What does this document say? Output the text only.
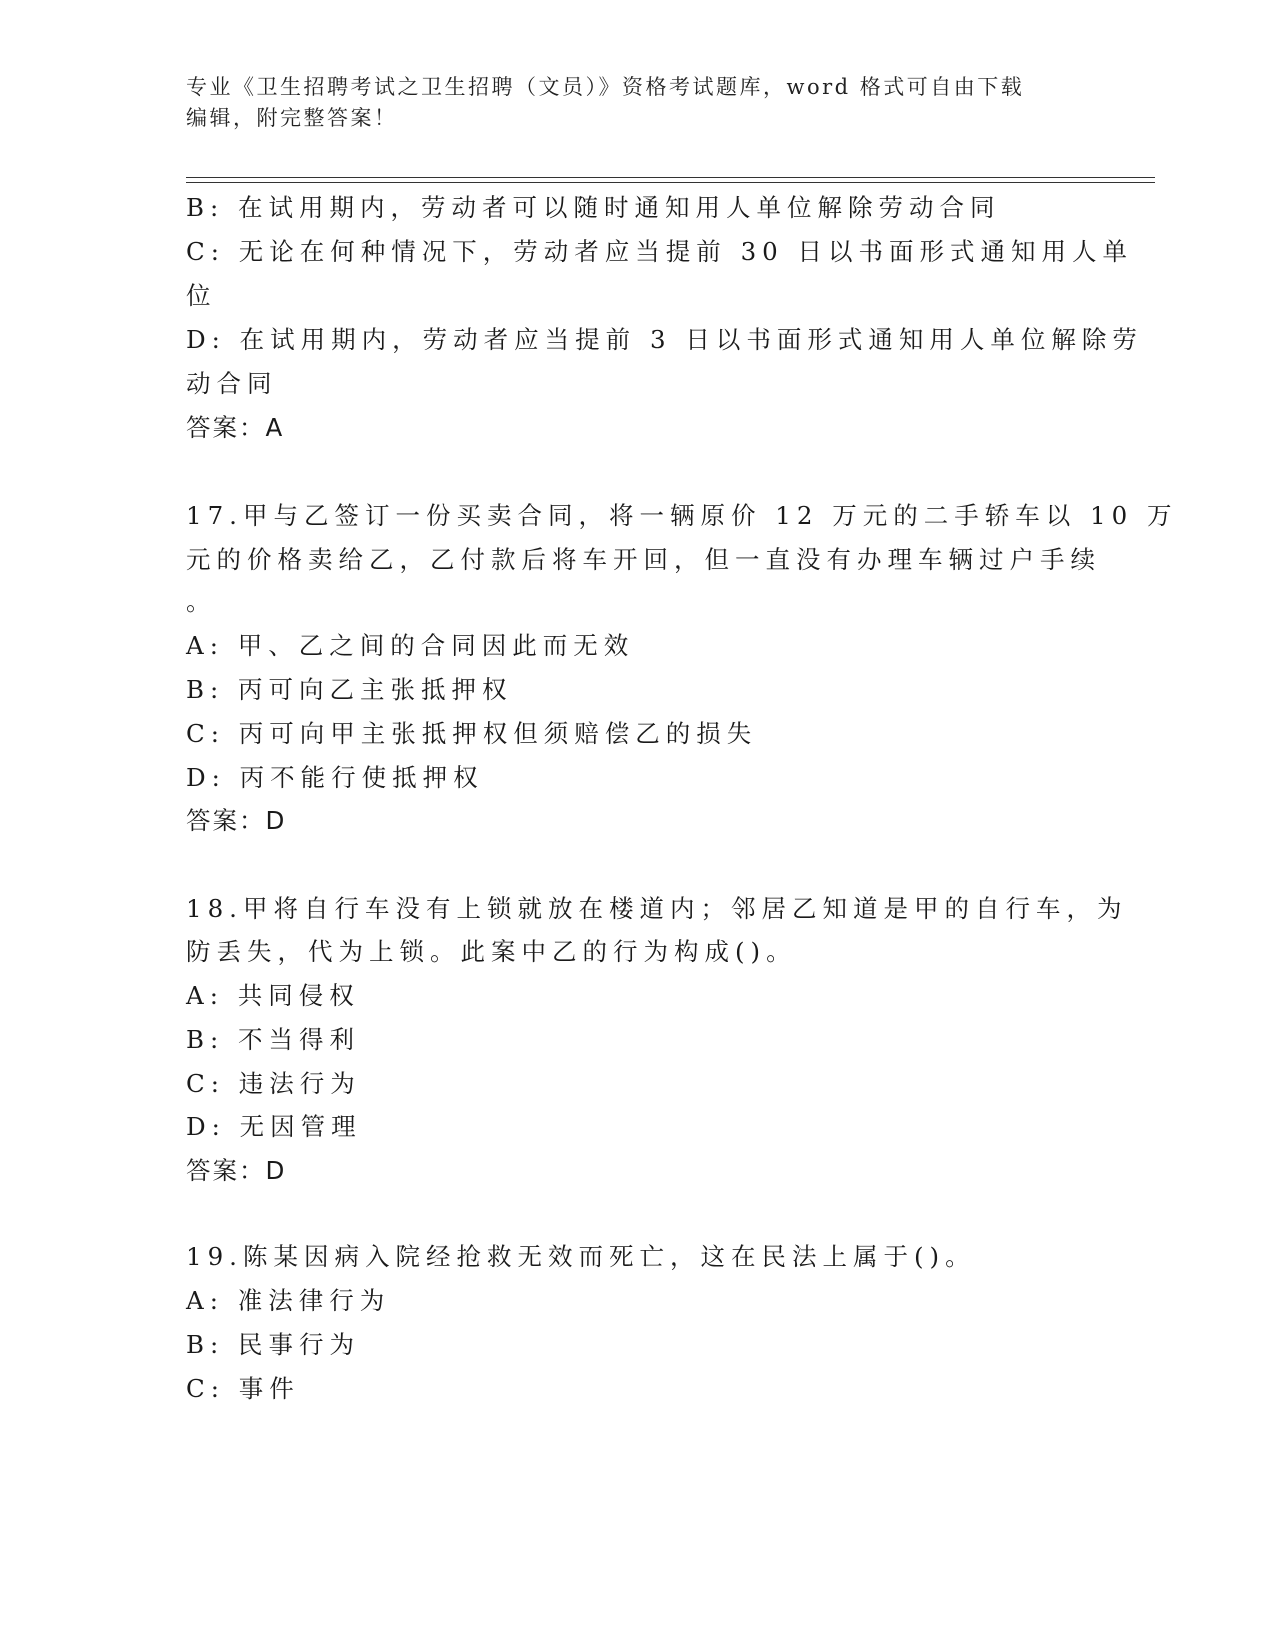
专业《卫生招聘考试之卫生招聘（文员）》资格考试题库，word 格式可自由下载
编辑，附完整答案！
B: 在试用期内，劳动者可以随时通知用人单位解除劳动合同
C: 无论在何种情况下，劳动者应当提前 30 日以书面形式通知用人单
位
D: 在试用期内，劳动者应当提前 3 日以书面形式通知用人单位解除劳
动合同
答案：A
17.甲与乙签订一份买卖合同，将一辆原价 12 万元的二手轿车以 10 万
元的价格卖给乙，乙付款后将车开回，但一直没有办理车辆过户手续
。
A: 甲、乙之间的合同因此而无效
B: 丙可向乙主张抵押权
C: 丙可向甲主张抵押权但须赔偿乙的损失
D: 丙不能行使抵押权
答案：D
18.甲将自行车没有上锁就放在楼道内；邻居乙知道是甲的自行车，为
防丢失，代为上锁。此案中乙的行为构成()。
A: 共同侵权
B: 不当得利
C: 违法行为
D: 无因管理
答案：D
19.陈某因病入院经抢救无效而死亡，这在民法上属于()。
A: 准法律行为
B: 民事行为
C: 事件
